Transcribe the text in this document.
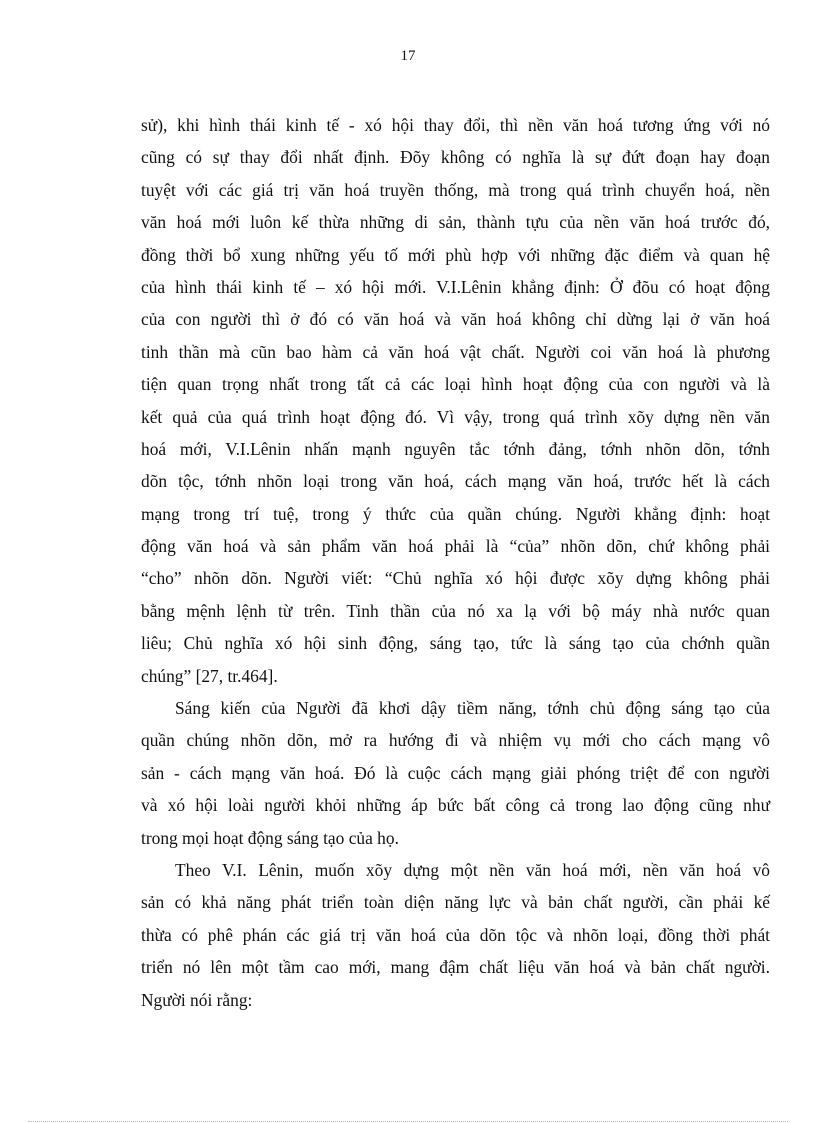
17
sử), khi hình thái kinh tế - xó hội thay đổi, thì nền văn hoá tương ứng với nó
cũng có sự thay đổi nhất định. Đõy không có nghĩa là sự đứt đoạn hay đoạn
tuyệt với các giá trị văn hoá truyền thống, mà trong quá trình chuyển hoá, nền
văn hoá mới luôn kế thừa những di sản, thành tựu của nền văn hoá trước đó,
đồng thời bổ xung những yếu tố mới phù hợp với những đặc điểm và quan hệ
của hình thái kinh tế – xó hội mới. V.I.Lênin khẳng định: Ở đõu có hoạt động
của con người thì ở đó có văn hoá và văn hoá không chỉ dừng lại ở văn hoá
tinh thần mà cũn bao hàm cả văn hoá vật chất. Người coi văn hoá là phương
tiện quan trọng nhất trong tất cả các loại hình hoạt động của con người và là
kết quả của quá trình hoạt động đó. Vì vậy, trong quá trình xõy dựng nền văn
hoá mới, V.I.Lênin nhấn mạnh nguyên tắc tớnh đảng, tớnh nhõn dõn, tớnh
dõn tộc, tớnh nhõn loại trong văn hoá, cách mạng văn hoá, trước hết là cách
mạng trong trí tuệ, trong ý thức của quần chúng. Người khẳng định: hoạt
động văn hoá và sản phẩm văn hoá phải là “của” nhõn dõn, chứ không phải
“cho” nhõn dõn. Người viết: “Chủ nghĩa xó hội được xõy dựng không phải
bằng mệnh lệnh từ trên. Tinh thần của nó xa lạ với bộ máy nhà nước quan
liêu; Chủ nghĩa xó hội sinh động, sáng tạo, tức là sáng tạo của chớnh quần
chúng” [27, tr.464].
Sáng kiến của Người đã khơi dậy tiềm năng, tớnh chủ động sáng tạo của
quần chúng nhõn dõn, mở ra hướng đi và nhiệm vụ mới cho cách mạng vô
sản - cách mạng văn hoá. Đó là cuộc cách mạng giải phóng triệt để con người
và xó hội loài người khỏi những áp bức bất công cả trong lao động cũng như
trong mọi hoạt động sáng tạo của họ.
Theo V.I. Lênin, muốn xõy dựng một nền văn hoá mới, nền văn hoá vô
sản có khả năng phát triển toàn diện năng lực và bản chất người, cần phải kế
thừa có phê phán các giá trị văn hoá của dõn tộc và nhõn loại, đồng thời phát
triển nó lên một tầm cao mới, mang đậm chất liệu văn hoá và bản chất người.
Người nói rằng:
